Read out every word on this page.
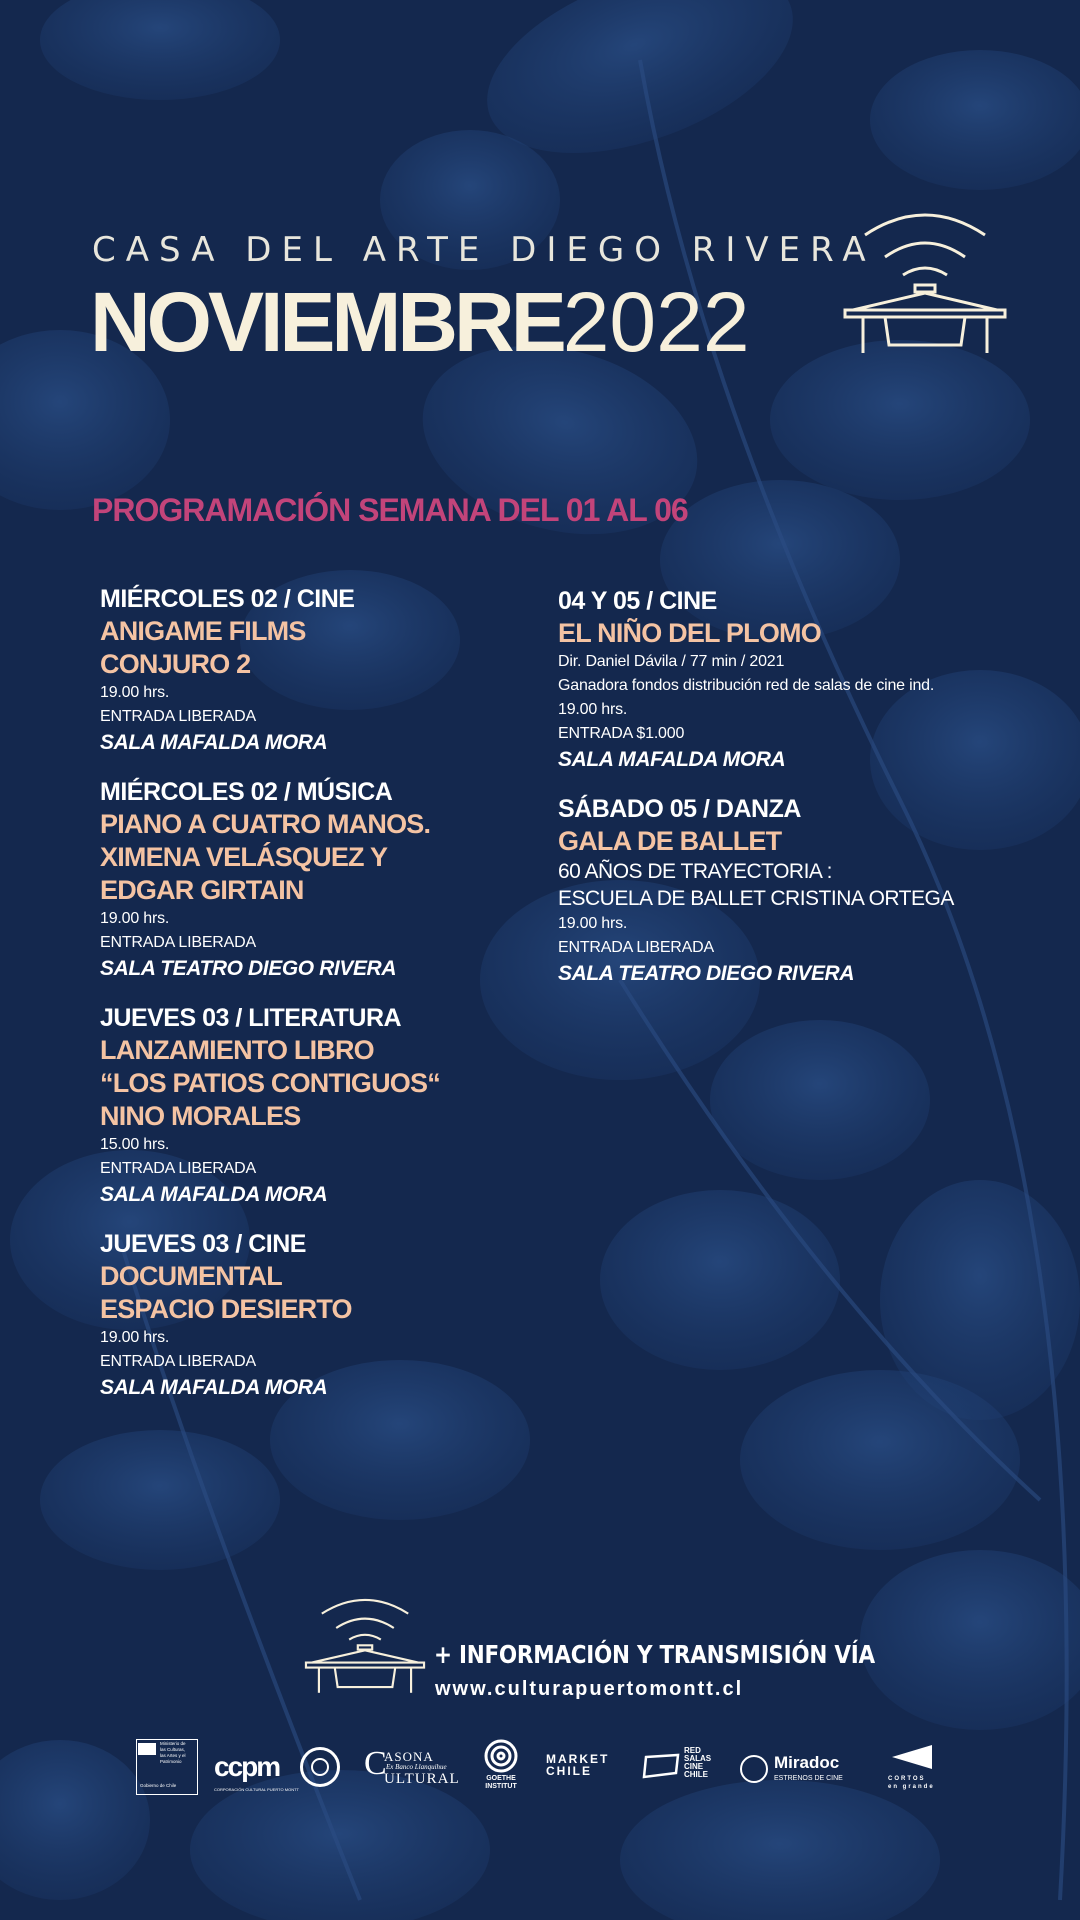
CASA DEL ARTE DIEGO RIVERA
NOVIEMBRE2022
PROGRAMACIÓN SEMANA DEL 01 AL 06
MIÉRCOLES 02 / CINE
ANIGAME FILMS
CONJURO 2
19.00 hrs.
ENTRADA LIBERADA
SALA MAFALDA MORA
MIÉRCOLES 02 / MÚSICA
PIANO A CUATRO MANOS.
XIMENA VELÁSQUEZ Y
EDGAR GIRTAIN
19.00 hrs.
ENTRADA LIBERADA
SALA TEATRO DIEGO RIVERA
JUEVES 03 / LITERATURA
LANZAMIENTO LIBRO
“LOS PATIOS CONTIGUOS“
NINO MORALES
15.00 hrs.
ENTRADA LIBERADA
SALA MAFALDA MORA
JUEVES 03 / CINE
DOCUMENTAL
ESPACIO DESIERTO
19.00 hrs.
ENTRADA LIBERADA
SALA MAFALDA MORA
04 Y 05 / CINE
EL NIÑO DEL PLOMO
Dir. Daniel Dávila / 77 min / 2021
Ganadora fondos distribución red de salas de cine ind.
19.00 hrs.
ENTRADA $1.000
SALA MAFALDA MORA
SÁBADO 05 / DANZA
GALA DE BALLET
60 AÑOS DE TRAYECTORIA :
ESCUELA DE BALLET CRISTINA ORTEGA
19.00 hrs.
ENTRADA LIBERADA
SALA TEATRO DIEGO RIVERA
+ INFORMACIÓN Y TRANSMISIÓN VÍA
www.culturapuertomontt.cl
Ministerio de
las Culturas,
las Artes y el
Patrimonio
Gobierno de Chile
ccpm
CORPORACIÓN CULTURAL PUERTO MONTT
C
ASONA
Ex Banco Llanquihue
ULTURAL	GOETHE
INSTITUT
MARKET
CHILE
RED
SALAS
CINE
CHILE
Miradoc
ESTRENOS DE CINE	CORTOS
en grande
